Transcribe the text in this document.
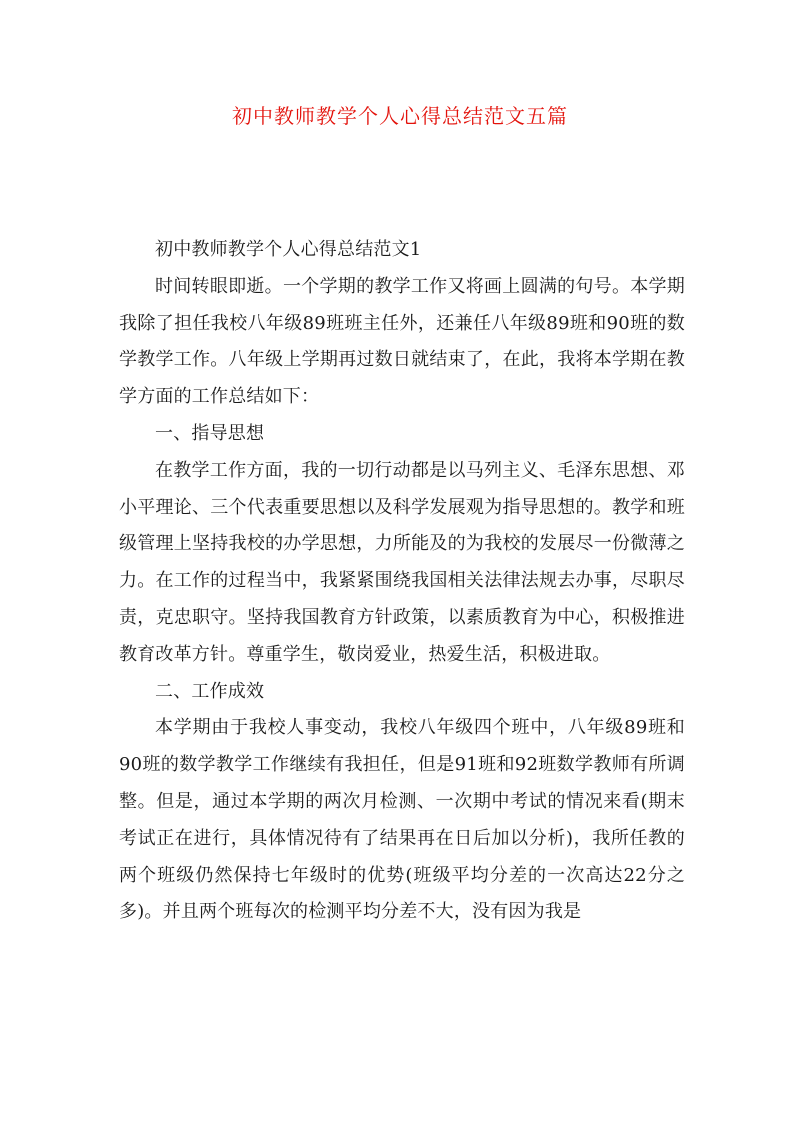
初中教师教学个人心得总结范文五篇

初中教师教学个人心得总结范文1

时间转眼即逝。一个学期的教学工作又将画上圆满的句号。本学期我除了担任我校八年级89班班主任外，还兼任八年级89班和90班的数学教学工作。八年级上学期再过数日就结束了，在此，我将本学期在教学方面的工作总结如下：

一、指导思想

在教学工作方面，我的一切行动都是以马列主义、毛泽东思想、邓小平理论、三个代表重要思想以及科学发展观为指导思想的。教学和班级管理上坚持我校的办学思想，力所能及的为我校的发展尽一份微薄之力。在工作的过程当中，我紧紧围绕我国相关法律法规去办事，尽职尽责，克忠职守。坚持我国教育方针政策，以素质教育为中心，积极推进教育改革方针。尊重学生，敬岗爱业，热爱生活，积极进取。

二、工作成效

本学期由于我校人事变动，我校八年级四个班中，八年级89班和90班的数学教学工作继续有我担任，但是91班和92班数学教师有所调整。但是，通过本学期的两次月检测、一次期中考试的情况来看(期末考试正在进行，具体情况待有了结果再在日后加以分析)，我所任教的两个班级仍然保持七年级时的优势(班级平均分差的一次高达22分之多)。并且两个班每次的检测平均分差不大，没有因为我是
